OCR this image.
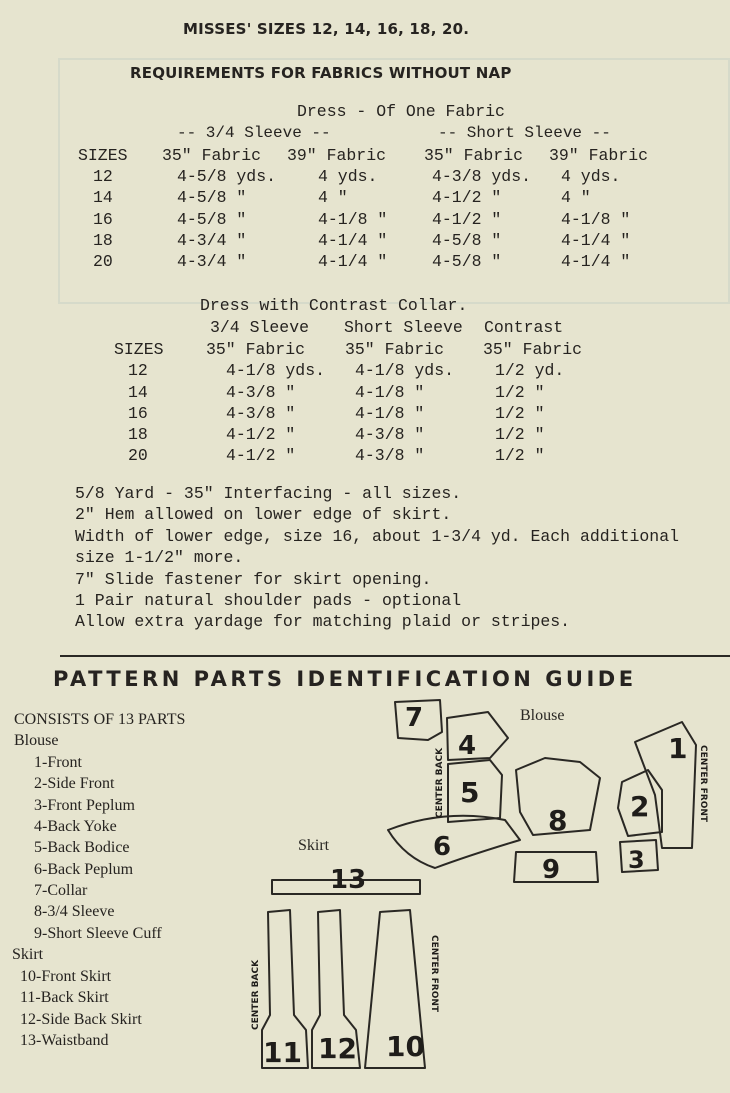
MISSES' SIZES 12, 14, 16, 18, 20.
REQUIREMENTS FOR FABRICS WITHOUT NAP
Dress - Of One Fabric
-- 3/4 Sleeve --	-- Short Sleeve --
SIZES 35" Fabric 39" Fabric 35" Fabric 39" Fabric
12	4-5/8 yds.	4 yds.	4-3/8 yds. 4 yds.
14	4-5/8 "	4 "	4-1/2 "	4 "
16	4-5/8 "	4-1/8 "	4-1/2 "	4-1/8 "
18	4-3/4 "	4-1/4 "	4-5/8 "	4-1/4 "
20	4-3/4 "	4-1/4 "	4-5/8 "	4-1/4 "
Dress with Contrast Collar.
3/4 Sleeve Short Sleeve Contrast
SIZES	35" Fabric 35" Fabric 35" Fabric
12	4-1/8 yds. 4-1/8 yds. 1/2 yd.
14	4-3/8 "	4-1/8 "	1/2 "
16	4-3/8 "	4-1/8 "	1/2 "
18	4-1/2 "	4-3/8 "	1/2 "
20	4-1/2 "	4-3/8 "	1/2 "
5/8 Yard - 35" Interfacing - all sizes.
2" Hem allowed on lower edge of skirt.
Width of lower edge, size 16, about 1-3/4 yd. Each additional
size 1-1/2" more.
7" Slide fastener for skirt opening.
1 Pair natural shoulder pads - optional
Allow extra yardage for matching plaid or stripes.
PATTERN PARTS IDENTIFICATION GUIDE
CONSISTS OF 13 PARTS
Blouse
1-Front
2-Side Front
3-Front Peplum
4-Back Yoke
5-Back Bodice
6-Back Peplum
7-Collar
8-3/4 Sleeve
9-Short Sleeve Cuff
Skirt
10-Front Skirt
11-Back Skirt
12-Side Back Skirt
13-Waistband
Blouse
Skirt
1
2
3
4
5
6
7
8
9
10
11 12
13
CENTER BACK	CENTER FRONT
CENTER BACK	CENTER FRONT
